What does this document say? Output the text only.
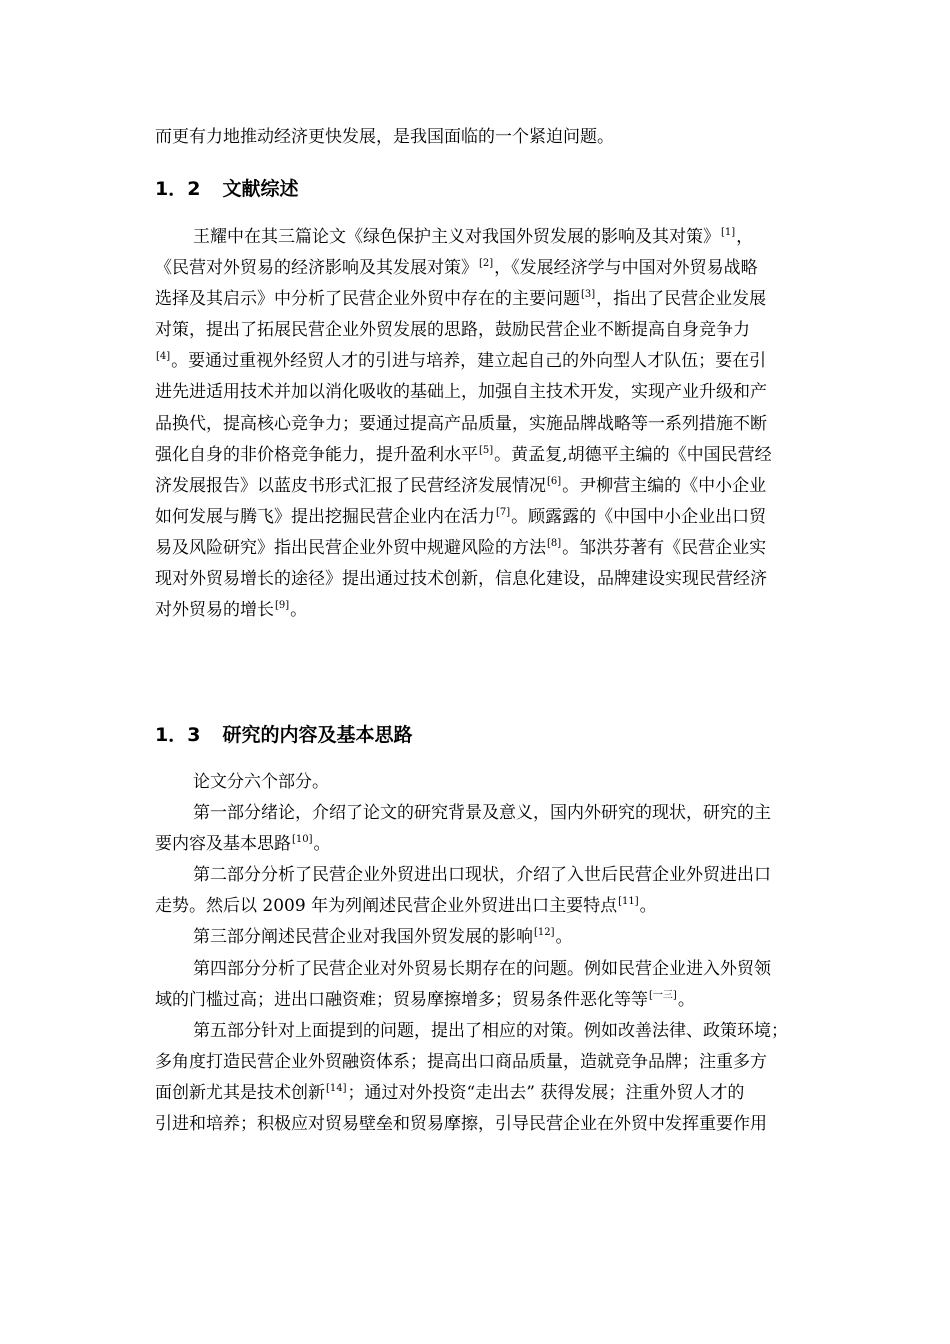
而更有力地推动经济更快发展，是我国面临的一个紧迫问题。
1．2 文献综述
王耀中在其三篇论文《绿色保护主义对我国外贸发展的影响及其对策》[1]，
《民营对外贸易的经济影响及其发展对策》[2]，《发展经济学与中国对外贸易战略
选择及其启示》中分析了民营企业外贸中存在的主要问题[3]，指出了民营企业发展
对策，提出了拓展民营企业外贸发展的思路，鼓励民营企业不断提高自身竞争力
[4]。要通过重视外经贸人才的引进与培养，建立起自己的外向型人才队伍；要在引
进先进适用技术并加以消化吸收的基础上，加强自主技术开发，实现产业升级和产
品换代，提高核心竞争力；要通过提高产品质量，实施品牌战略等一系列措施不断
强化自身的非价格竞争能力，提升盈利水平[5]。黄孟复,胡德平主编的《中国民营经
济发展报告》以蓝皮书形式汇报了民营经济发展情况[6]。尹柳营主编的《中小企业
如何发展与腾飞》提出挖掘民营企业内在活力[7]。顾露露的《中国中小企业出口贸
易及风险研究》指出民营企业外贸中规避风险的方法[8]。邹洪芬著有《民营企业实
现对外贸易增长的途径》提出通过技术创新，信息化建设，品牌建设实现民营经济
对外贸易的增长[9]。
1．3 研究的内容及基本思路
论文分六个部分。
第一部分绪论，介绍了论文的研究背景及意义，国内外研究的现状，研究的主
要内容及基本思路[10]。
第二部分分析了民营企业外贸进出口现状，介绍了入世后民营企业外贸进出口
走势。然后以 2009 年为列阐述民营企业外贸进出口主要特点[11]。
第三部分阐述民营企业对我国外贸发展的影响[12]。
第四部分分析了民营企业对外贸易长期存在的问题。例如民营企业进入外贸领
域的门槛过高；进出口融资难；贸易摩擦增多；贸易条件恶化等等[一三]。
第五部分针对上面提到的问题，提出了相应的对策。例如改善法律、政策环境；
多角度打造民营企业外贸融资体系；提高出口商品质量，造就竞争品牌；注重多方
面创新尤其是技术创新[14]；通过对外投资“走出去” 获得发展；注重外贸人才的
引进和培养；积极应对贸易壁垒和贸易摩擦，引导民营企业在外贸中发挥重要作用
